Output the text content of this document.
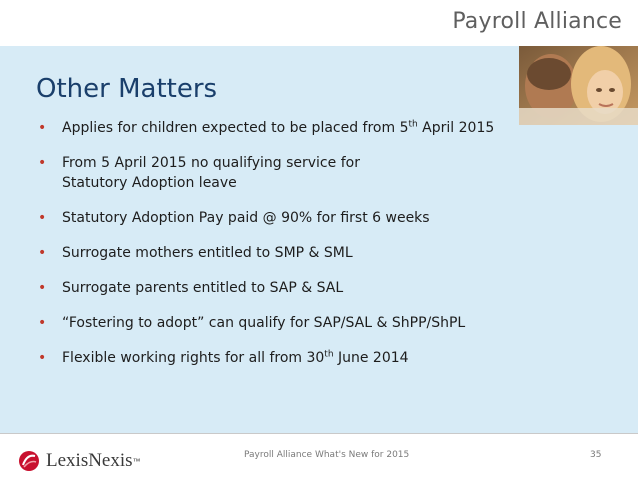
Payroll Alliance
Other Matters
• Applies for children expected to be placed from 5th April 2015
• From 5 April 2015 no qualifying service for
Statutory Adoption leave
• Statutory Adoption Pay paid @ 90% for first 6 weeks
• Surrogate mothers entitled to SMP & SML
• Surrogate parents entitled to SAP & SAL
• “Fostering to adopt” can qualify for SAP/SAL & ShPP/ShPL
• Flexible working rights for all from 30th June 2014
LexisNexis ™
Payroll Alliance What's New for 2015	35
